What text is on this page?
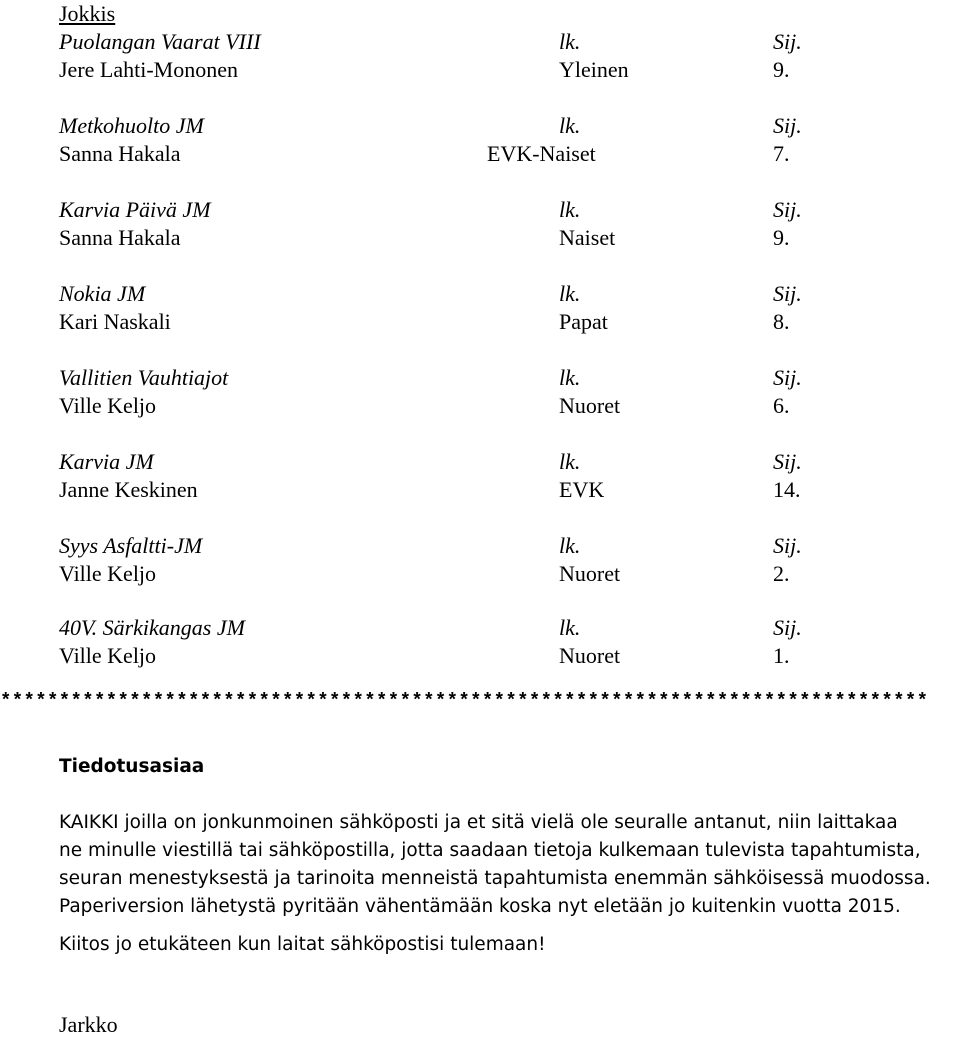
Jokkis
Puolangan Vaarat VIII	lk.	Sij.
Jere Lahti-Mononen	Yleinen	9.
Metkohuolto JM	lk.	Sij.
Sanna Hakala	EVK-Naiset	7.
Karvia Päivä JM	lk.	Sij.
Sanna Hakala	Naiset	9.
Nokia JM	lk.	Sij.
Kari Naskali	Papat	8.
Vallitien Vauhtiajot	lk.	Sij.
Ville Keljo	Nuoret	6.
Karvia JM	lk.	Sij.
Janne Keskinen	EVK	14.
Syys Asfaltti-JM	lk.	Sij.
Ville Keljo	Nuoret	2.
40V. Särkikangas JM	lk.	Sij.
Ville Keljo	Nuoret	1.
*******************************************************************************
Tiedotusasiaa
KAIKKI joilla on jonkunmoinen sähköposti ja et sitä vielä ole seuralle antanut, niin laittakaa
ne minulle viestillä tai sähköpostilla, jotta saadaan tietoja kulkemaan tulevista tapahtumista,
seuran menestyksestä ja tarinoita menneistä tapahtumista enemmän sähköisessä muodossa.
Paperiversion lähetystä pyritään vähentämään koska nyt eletään jo kuitenkin vuotta 2015.
Kiitos jo etukäteen kun laitat sähköpostisi tulemaan!
Jarkko
